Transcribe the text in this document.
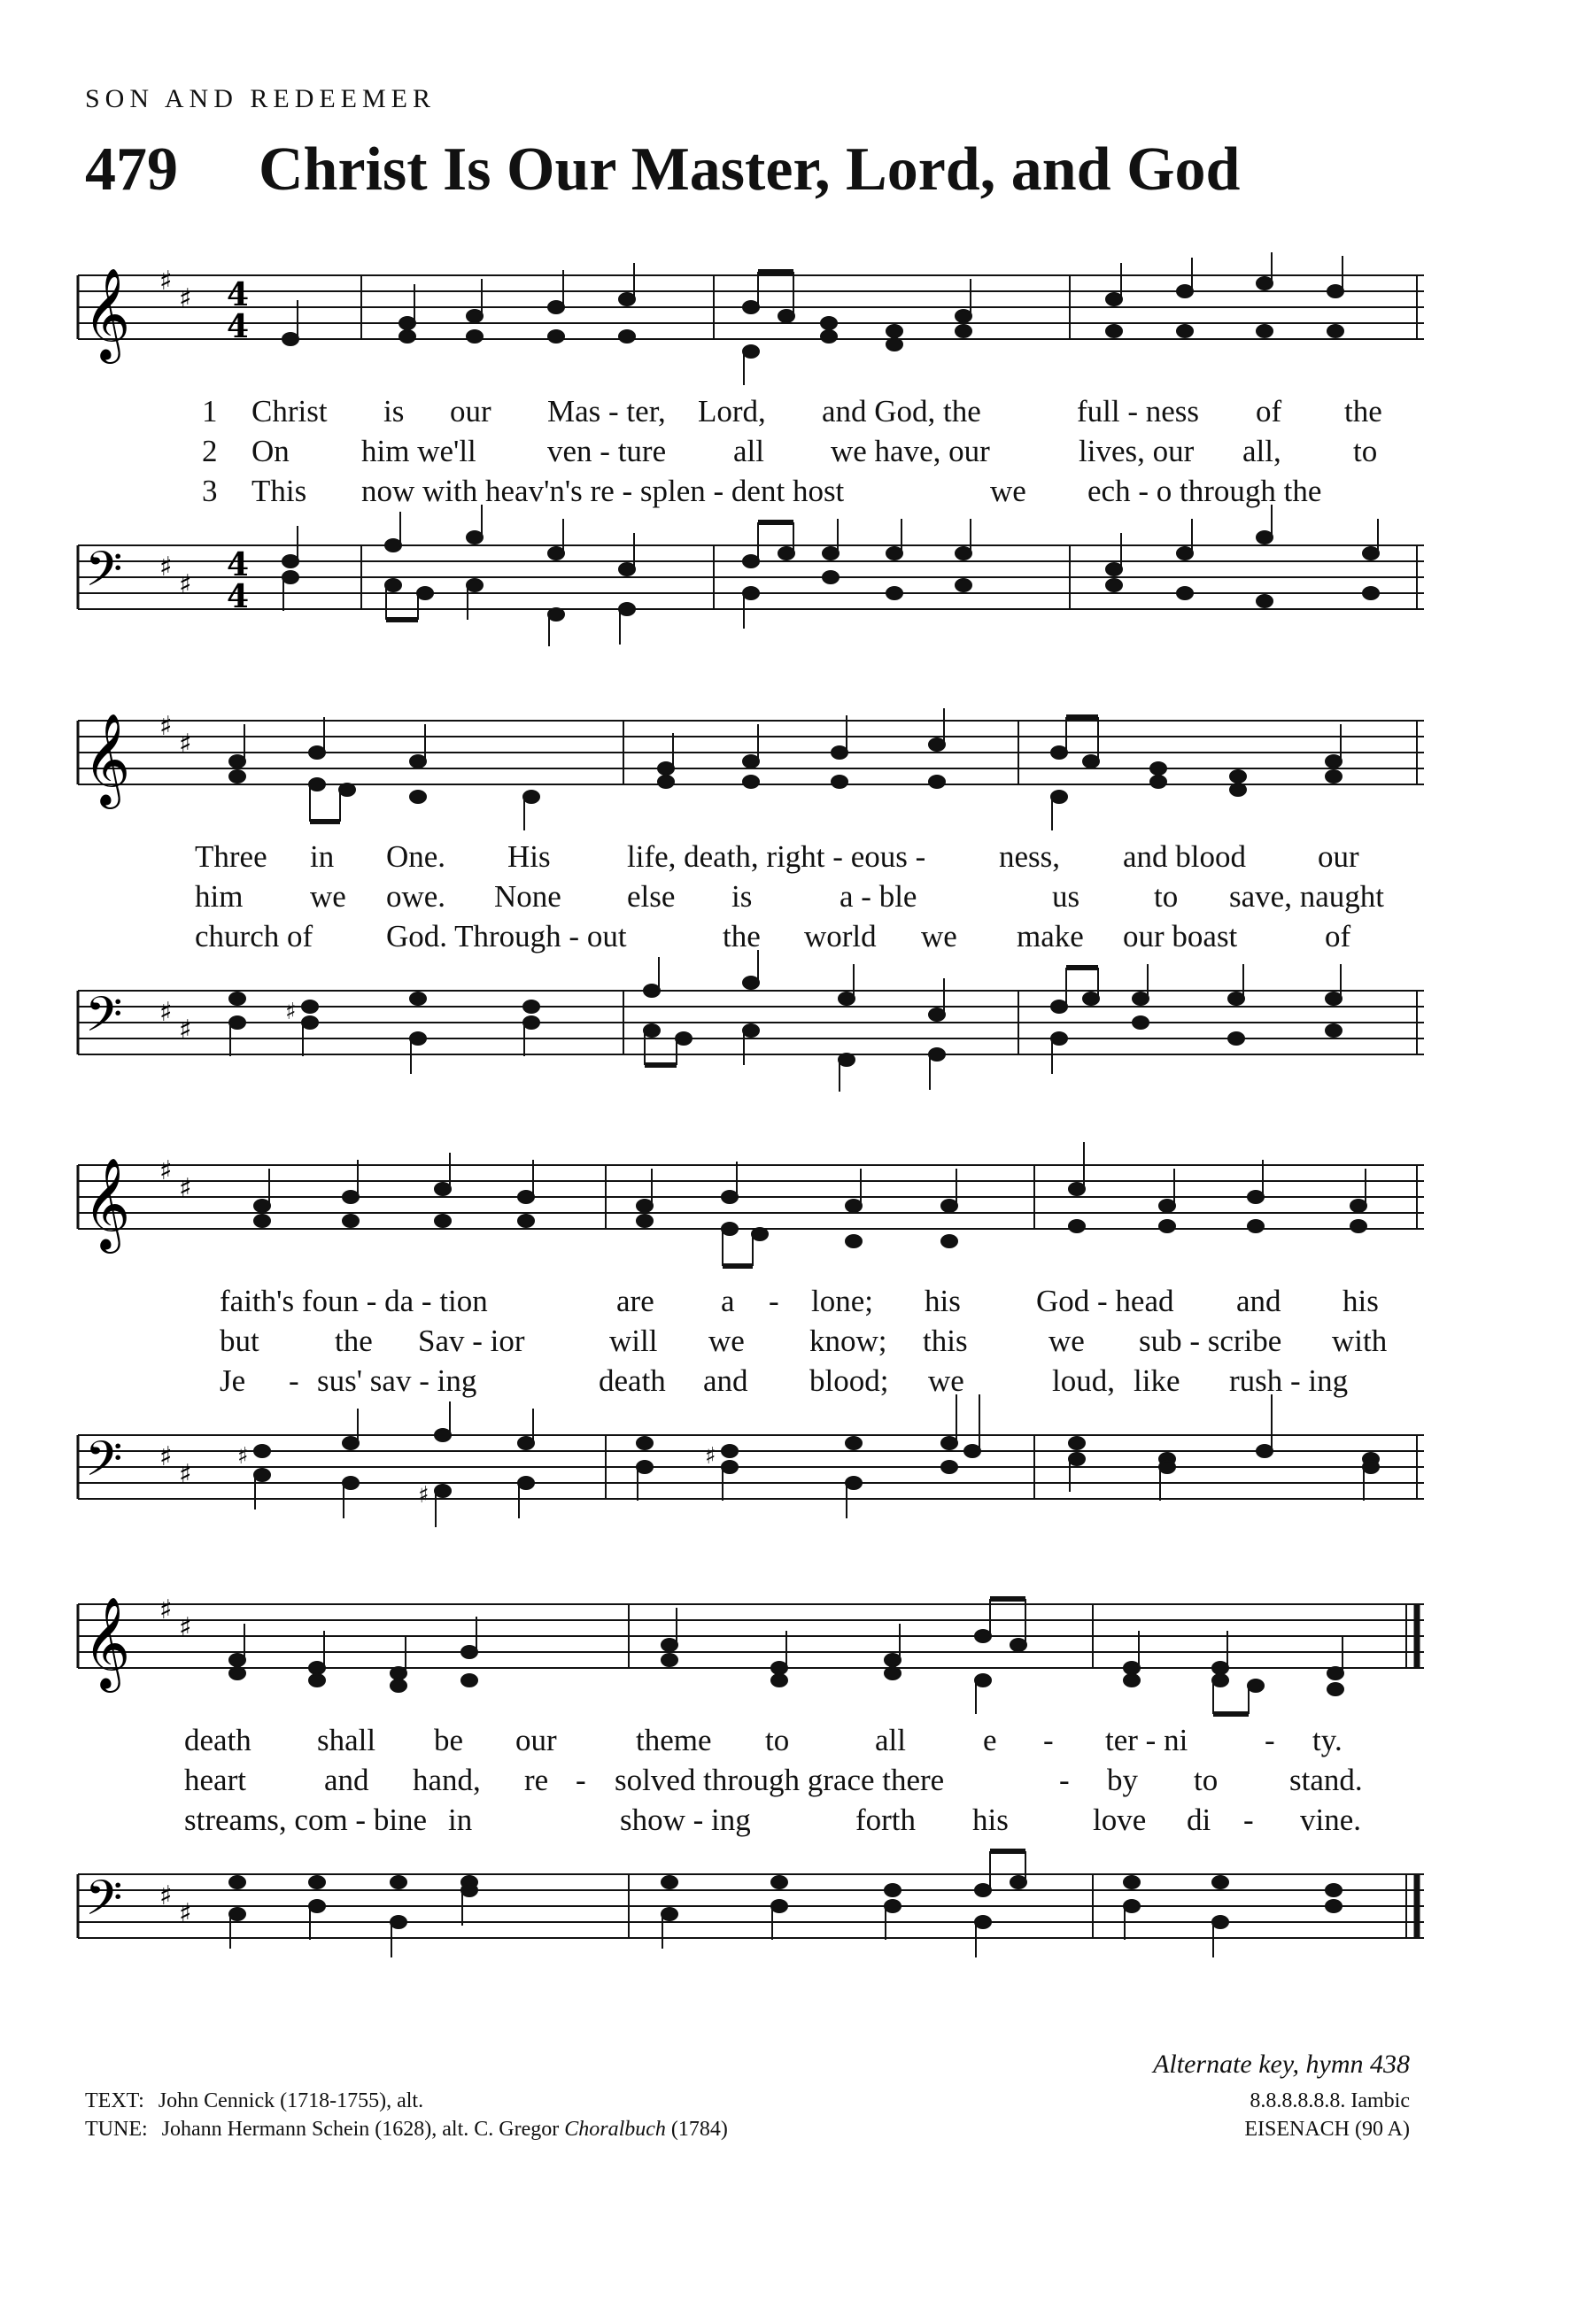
SON AND REDEEMER
479 Christ Is Our Master, Lord, and God
𝄞 ♯
♯ 4
4
1 Christ is our Mas - ter, Lord, and God, the	full - ness of the
2 On him we'll ven - ture all we have, our	lives, our all, to
3 This now with heav'n's re - splen - dent host	we ech - o through the
𝄢 ♯
♯
4
4
𝄞 ♯
♯
Three in One. His life, death, right - eous - ness, and blood our
him we owe. None else is	a - ble	us to save, naught
church of God. Through - out	the world we make our boast	of
𝄢 ♯
♯
♯
𝄞 ♯
♯
faith's foun - da - tion	are a - lone; his God - head and his
but the Sav - ior	will we know; this	we sub - scribe with
Je - sus' sav - ing	death and blood; we	loud, like rush - ing
𝄢 ♯
♯
♯
♯
♯
𝄞 ♯
♯
death shall be our	theme to	all e - ter - ni - ty.
heart	and hand, re - solved through grace there	- by to stand.
streams, com - bine in	show - ing	forth his	love di - vine.
𝄢 ♯
♯
Alternate key, hymn 438
TEXT: John Cennick (1718-1755), alt.
TUNE: Johann Hermann Schein (1628), alt. C. Gregor Choralbuch (1784)
8.8.8.8.8.8. Iambic
EISENACH (90 A)
